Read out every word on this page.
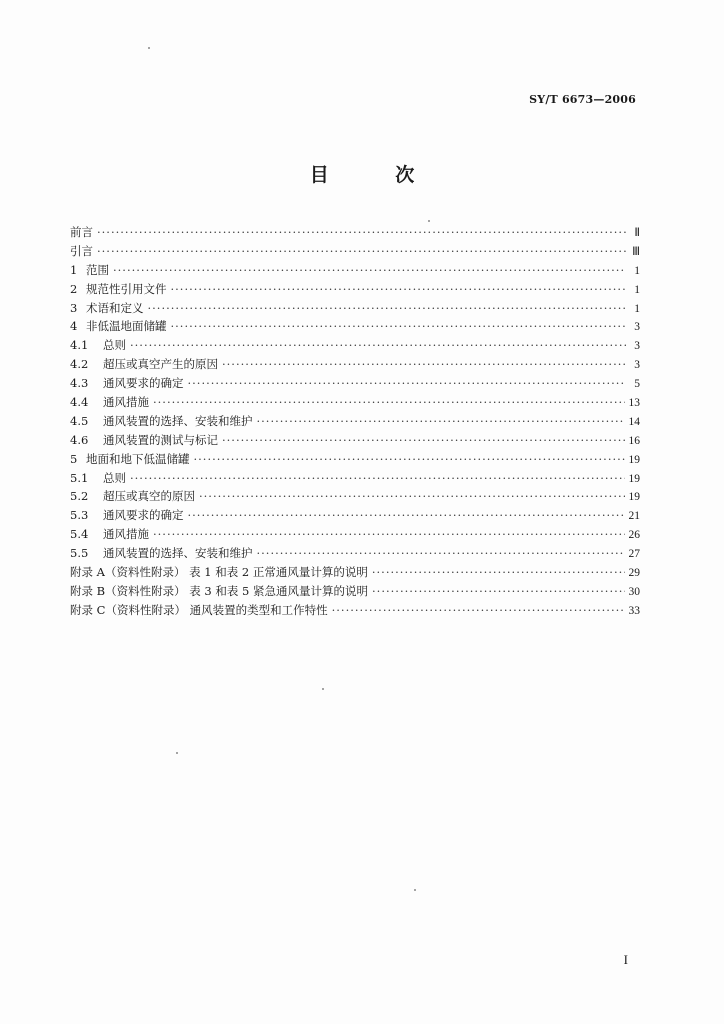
SY/T 6673—2006
目 次
前言 ·····	Ⅱ
引言 ·····	Ⅲ
1 范围 ·····	1
2 规范性引用文件 ·····	1
3 术语和定义 ·····	1
4 非低温地面储罐 ·····	3
4.1	总则 ·····	3
4.2	超压或真空产生的原因 ·····	3
4.3	通风要求的确定 ·····	5
4.4	通风措施 ·····	13
4.5	通风装置的选择、安装和维护 ·····	14
4.6	通风装置的测试与标记 ·····	16
5 地面和地下低温储罐 ·····	19
5.1	总则 ·····	19
5.2	超压或真空的原因 ·····	19
5.3	通风要求的确定 ·····	21
5.4	通风措施 ·····	26
5.5	通风装置的选择、安装和维护 ·····	27
附录 A（资料性附录） 表 1 和表 2 正常通风量计算的说明 ·····	29
附录 B（资料性附录） 表 3 和表 5 紧急通风量计算的说明 ·····	30
附录 C（资料性附录） 通风装置的类型和工作特性 ·····	33
I
